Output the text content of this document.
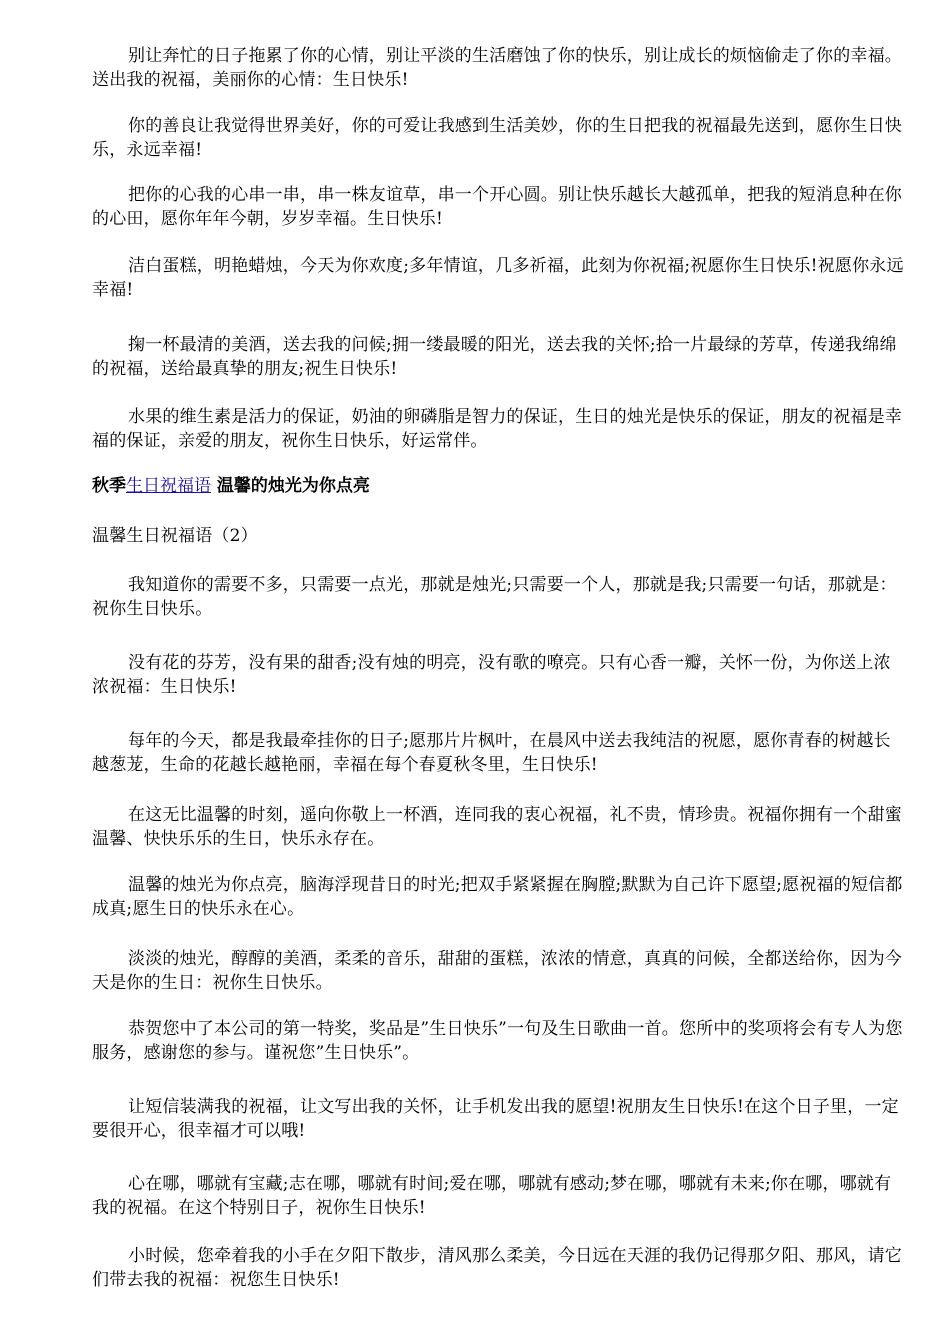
别让奔忙的日子拖累了你的心情，别让平淡的生活磨蚀了你的快乐，别让成长的烦恼偷走了你的幸福。送出我的祝福，美丽你的心情：生日快乐!

你的善良让我觉得世界美好，你的可爱让我感到生活美妙，你的生日把我的祝福最先送到，愿你生日快乐，永远幸福!

把你的心我的心串一串，串一株友谊草，串一个开心圆。别让快乐越长大越孤单，把我的短消息种在你的心田，愿你年年今朝，岁岁幸福。生日快乐!

洁白蛋糕，明艳蜡烛，今天为你欢度;多年情谊，几多祈福，此刻为你祝福;祝愿你生日快乐!祝愿你永远幸福!

掬一杯最清的美酒，送去我的问候;拥一缕最暖的阳光，送去我的关怀;拾一片最绿的芳草，传递我绵绵的祝福，送给最真挚的朋友;祝生日快乐!

水果的维生素是活力的保证，奶油的卵磷脂是智力的保证，生日的烛光是快乐的保证，朋友的祝福是幸福的保证，亲爱的朋友，祝你生日快乐，好运常伴。

秋季生日祝福语 温馨的烛光为你点亮

温馨生日祝福语（2）

我知道你的需要不多，只需要一点光，那就是烛光;只需要一个人，那就是我;只需要一句话，那就是：祝你生日快乐。

没有花的芬芳，没有果的甜香;没有烛的明亮，没有歌的嘹亮。只有心香一瓣，关怀一份，为你送上浓浓祝福：生日快乐!

每年的今天，都是我最牵挂你的日子;愿那片片枫叶，在晨风中送去我纯洁的祝愿，愿你青春的树越长越葱茏，生命的花越长越艳丽，幸福在每个春夏秋冬里，生日快乐!

在这无比温馨的时刻，遥向你敬上一杯酒，连同我的衷心祝福，礼不贵，情珍贵。祝福你拥有一个甜蜜温馨、快快乐乐的生日，快乐永存在。

温馨的烛光为你点亮，脑海浮现昔日的时光;把双手紧紧握在胸膛;默默为自己许下愿望;愿祝福的短信都成真;愿生日的快乐永在心。

淡淡的烛光，醇醇的美酒，柔柔的音乐，甜甜的蛋糕，浓浓的情意，真真的问候，全都送给你，因为今天是你的生日：祝你生日快乐。

恭贺您中了本公司的第一特奖，奖品是”生日快乐”一句及生日歌曲一首。您所中的奖项将会有专人为您服务，感谢您的参与。谨祝您”生日快乐”。

让短信装满我的祝福，让文写出我的关怀，让手机发出我的愿望!祝朋友生日快乐!在这个日子里，一定要很开心，很幸福才可以哦!

心在哪，哪就有宝藏;志在哪，哪就有时间;爱在哪，哪就有感动;梦在哪，哪就有未来;你在哪，哪就有我的祝福。在这个特别日子，祝你生日快乐!

小时候，您牵着我的小手在夕阳下散步，清风那么柔美，今日远在天涯的我仍记得那夕阳、那风，请它们带去我的祝福：祝您生日快乐!
